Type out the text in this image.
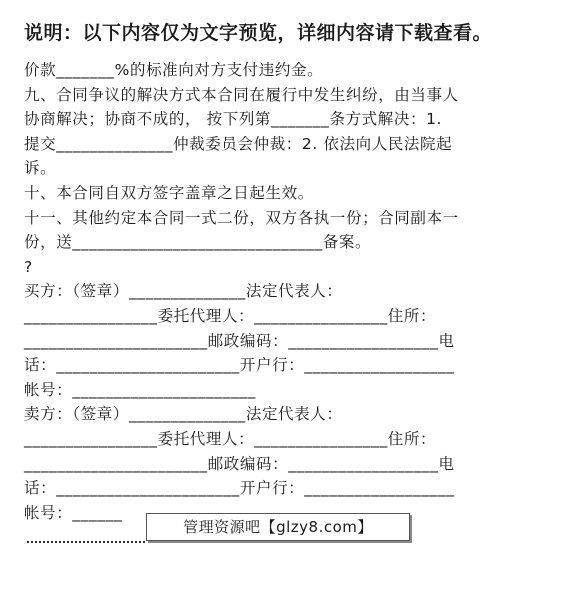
说明：以下内容仅为文字预览，详细内容请下载查看。
价款_______%的标准向对方支付违约金。
九、合同争议的解决方式本合同在履行中发生纠纷，由当事人
协商解决；协商不成的， 按下列第_______条方式解决：1.
提交______________仲裁委员会仲裁：2. 依法向人民法院起
诉。
十、本合同自双方签字盖章之日起生效。
十一、其他约定本合同一式二份，双方各执一份；合同副本一
份，送______________________________备案。
?
买方：（签章）______________法定代表人：
________________委托代理人：________________住所：
______________________邮政编码：__________________电
话：______________________开户行：__________________
帐号：______________________
卖方：（签章）______________法定代表人：
________________委托代理人：________________住所：
______________________邮政编码：__________________电
话：______________________开户行：__________________
帐号：______
管理资源吧【glzy8.com】
